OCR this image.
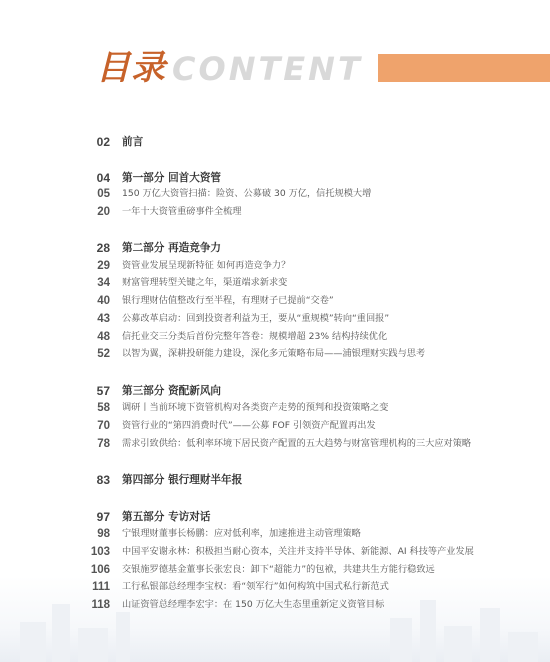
目录 CONTENT
02 前言
04 第一部分 回首大资管
05 150 万亿大资管扫描：险资、公募破 30 万亿，信托规模大增
20 一年十大资管重磅事件全梳理
28 第二部分 再造竞争力
29 资管业发展呈现新特征 如何再造竞争力？
34 财富管理转型关键之年，渠道端求新求变
40 银行理财估值整改行至半程，有理财子已提前“交卷”
43 公募改革启动：回到投资者利益为王，要从“重规模”转向“重回报”
48 信托业交三分类后首份完整年答卷：规模增超 23% 结构持续优化
52 以智为翼，深耕投研能力建设，深化多元策略布局——浦银理财实践与思考
57 第三部分 资配新风向
58 调研丨当前环境下资管机构对各类资产走势的预判和投资策略之变
70 资管行业的“第四消费时代”——公募 FOF 引领资产配置再出发
78 需求引致供给：低利率环境下居民资产配置的五大趋势与财富管理机构的三大应对策略
83 第四部分 银行理财半年报
97 第五部分 专访对话
98 宁银理财董事长杨鹏：应对低利率，加速推进主动管理策略
103 中国平安谢永林：积极担当耐心资本，关注并支持半导体、新能源、AI 科技等产业发展
106 交银施罗德基金董事长张宏良：卸下“超能力”的包袱，共建共生方能行稳致远
111 工行私银部总经理李宝权：看“领军行”如何构筑中国式私行新范式
118 山证资管总经理李宏宇：在 150 万亿大生态里重新定义资管目标
